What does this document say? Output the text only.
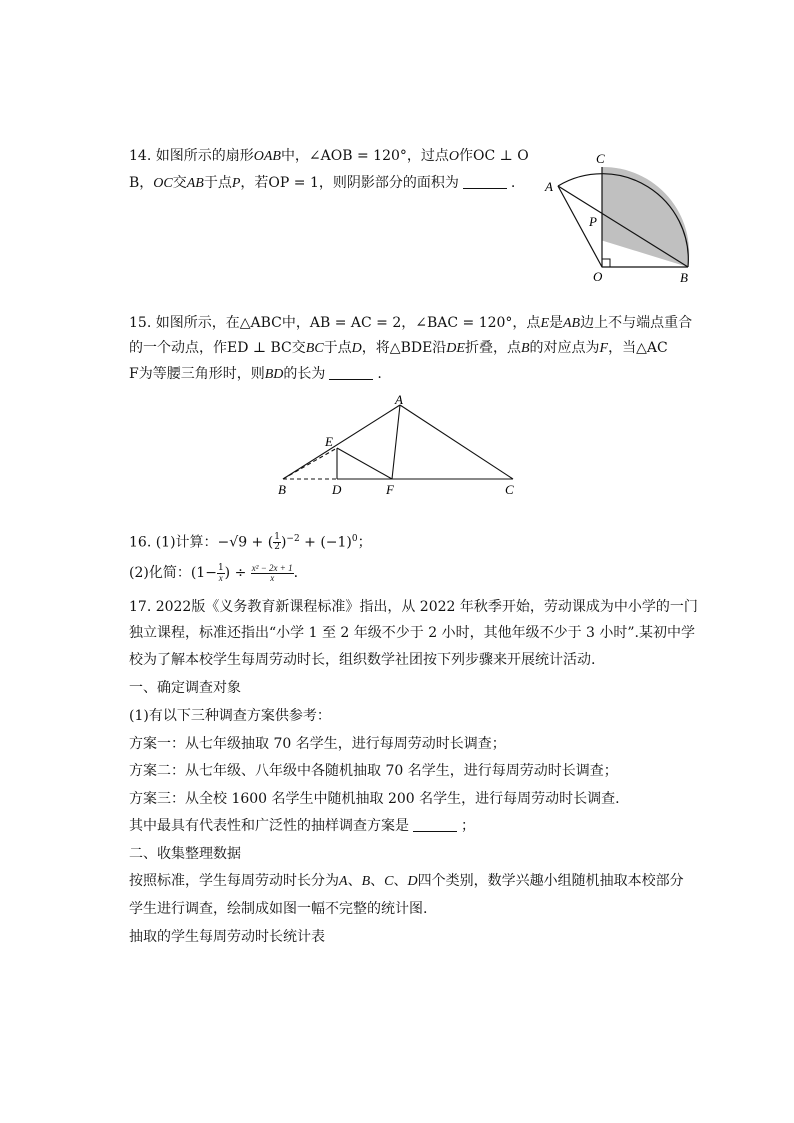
14. 如图所示的扇形OAB中，∠AOB = 120°，过点O作OC ⊥ O
B，OC交AB于点P，若OP = 1，则阴影部分的面积为	. A
C
P
O	B
15. 如图所示，在△ABC中，AB = AC = 2，∠BAC = 120°，点E是AB边上不与端点重合
的一个动点，作ED ⊥ BC交BC于点D，将△BDE沿DE折叠，点B的对应点为F，当△AC
F为等腰三角形时，则BD的长为	.
A
E
B	D	F	C
16. (1)计算：−√9 + ( $\frac{1}{2} )^{-2} + (-1)^0$；
(2)化简：($1- \frac{1}{x}$ ) ÷ $\frac{\text{x² − 2x + 1}}{x}$ .
17. 2022版《义务教育新课程标准》指出，从 2022 年秋季开始，劳动课成为中小学的一门
独立课程，标准还指出“小学 1 至 2 年级不少于 2 小时，其他年级不少于 3 小时”.某初中学
校为了解本校学生每周劳动时长，组织数学社团按下列步骤来开展统计活动.
一、确定调查对象
(1)有以下三种调查方案供参考：
方案一：从七年级抽取 70 名学生，进行每周劳动时长调查；
方案二：从七年级、八年级中各随机抽取 70 名学生，进行每周劳动时长调查；
方案三：从全校 1600 名学生中随机抽取 200 名学生，进行每周劳动时长调查.
其中最具有代表性和广泛性的抽样调查方案是	；
二、收集整理数据
按照标准，学生每周劳动时长分为A、B、C、D四个类别，数学兴趣小组随机抽取本校部分
学生进行调查，绘制成如图一幅不完整的统计图.
抽取的学生每周劳动时长统计表
